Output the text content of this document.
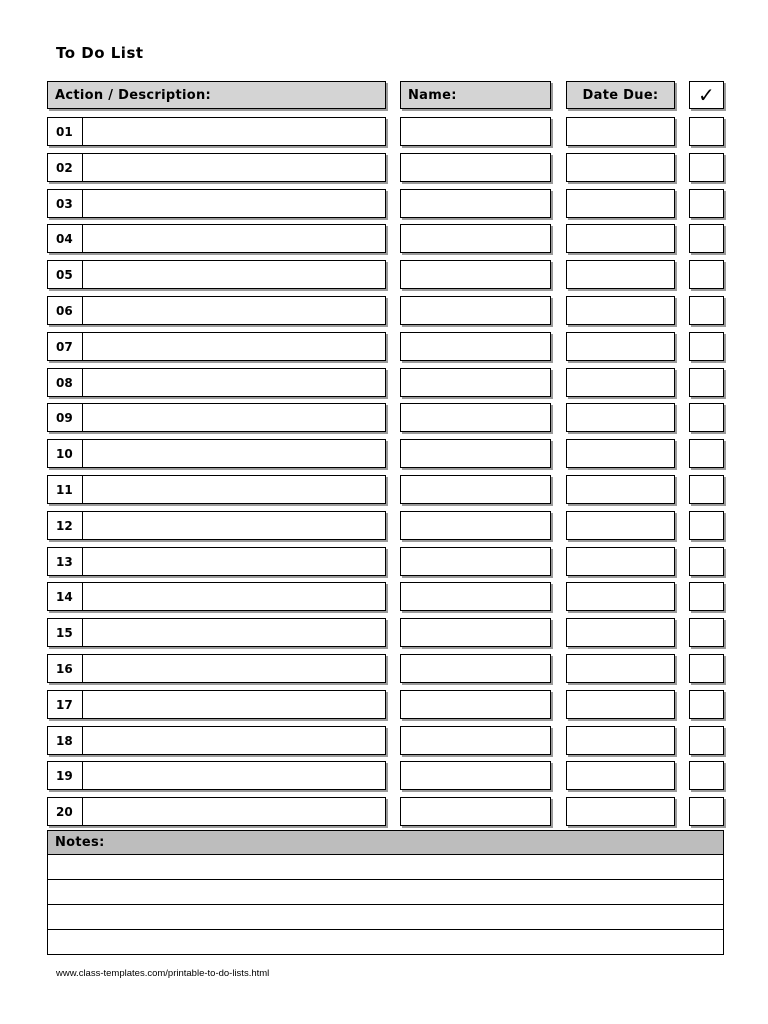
To Do List
Action / Description:	Name:	Date Due: ✓
01
02
03
04
05
06
07
08
09
10
11
12
13
14
15
16
17
18
19
20
Notes:
www.class-templates.com/printable-to-do-lists.html
